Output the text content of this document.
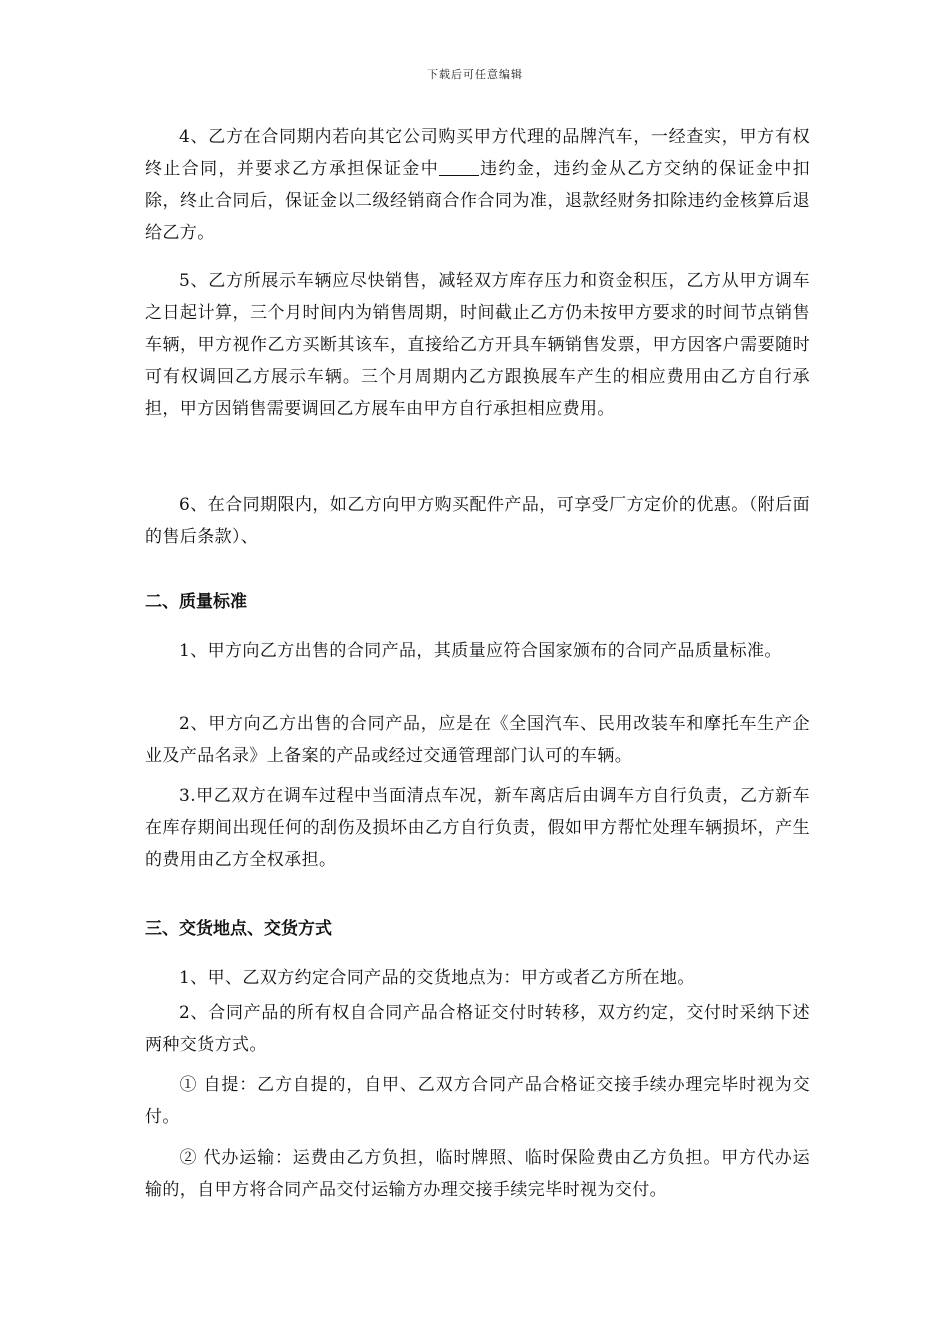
下载后可任意编辑

4、乙方在合同期内若向其它公司购买甲方代理的品牌汽车，一经查实，甲方有权终止合同，并要求乙方承担保证金中 违约金，违约金从乙方交纳的保证金中扣除，终止合同后，保证金以二级经销商合作合同为准，退款经财务扣除违约金核算后退给乙方。

5、乙方所展示车辆应尽快销售，减轻双方库存压力和资金积压，乙方从甲方调车之日起计算，三个月时间内为销售周期，时间截止乙方仍未按甲方要求的时间节点销售车辆，甲方视作乙方买断其该车，直接给乙方开具车辆销售发票，甲方因客户需要随时可有权调回乙方展示车辆。三个月周期内乙方跟换展车产生的相应费用由乙方自行承担，甲方因销售需要调回乙方展车由甲方自行承担相应费用。

6、在合同期限内，如乙方向甲方购买配件产品，可享受厂方定价的优惠。（附后面的售后条款）、

二、质量标准

1、甲方向乙方出售的合同产品，其质量应符合国家颁布的合同产品质量标准。

2、甲方向乙方出售的合同产品，应是在《全国汽车、民用改装车和摩托车生产企业及产品名录》上备案的产品或经过交通管理部门认可的车辆。

3.甲乙双方在调车过程中当面清点车况，新车离店后由调车方自行负责，乙方新车在库存期间出现任何的刮伤及损坏由乙方自行负责，假如甲方帮忙处理车辆损坏，产生的费用由乙方全权承担。

三、交货地点、交货方式

1、甲、乙双方约定合同产品的交货地点为：甲方或者乙方所在地。

2、合同产品的所有权自合同产品合格证交付时转移，双方约定，交付时采纳下述两种交货方式。

① 自提：乙方自提的，自甲、乙双方合同产品合格证交接手续办理完毕时视为交付。

② 代办运输：运费由乙方负担，临时牌照、临时保险费由乙方负担。甲方代办运输的，自甲方将合同产品交付运输方办理交接手续完毕时视为交付。
